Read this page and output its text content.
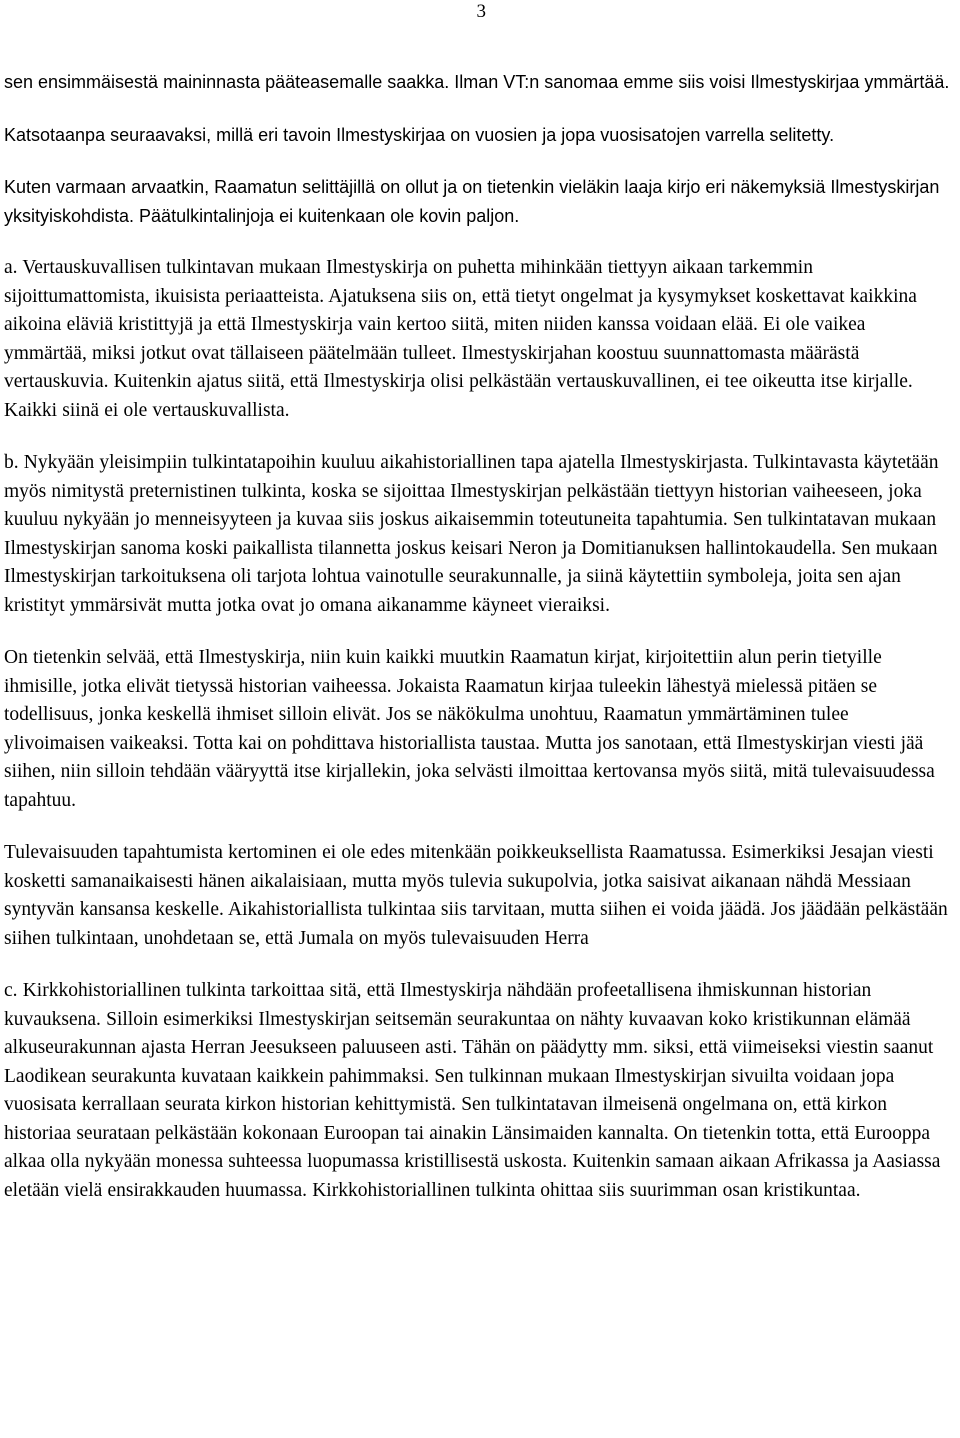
3

sen ensimmäisestä maininnasta pääteasemalle saakka. Ilman VT:n sanomaa emme siis voisi Ilmestyskirjaa ymmärtää.

Katsotaanpa seuraavaksi, millä eri tavoin Ilmestyskirjaa on vuosien ja jopa vuosisatojen varrella selitetty.

Kuten varmaan arvaatkin, Raamatun selittäjillä on ollut ja on tietenkin vieläkin laaja kirjo eri näkemyksiä Ilmestyskirjan yksityiskohdista. Päätulkintalinjoja ei kuitenkaan ole kovin paljon.

a. Vertauskuvallisen tulkintavan mukaan Ilmestyskirja on puhetta mihinkään tiettyyn aikaan tarkemmin sijoittumattomista, ikuisista periaatteista. Ajatuksena siis on, että tietyt ongelmat ja kysymykset koskettavat kaikkina aikoina eläviä kristittyjä ja että Ilmestyskirja vain kertoo siitä, miten niiden kanssa voidaan elää. Ei ole vaikea ymmärtää, miksi jotkut ovat tällaiseen päätelmään tulleet. Ilmestyskirjahan koostuu suunnattomasta määrästä vertauskuvia. Kuitenkin ajatus siitä, että Ilmestyskirja olisi pelkästään vertauskuvallinen, ei tee oikeutta itse kirjalle. Kaikki siinä ei ole vertauskuvallista.

b. Nykyään yleisimpiin tulkintatapoihin kuuluu aikahistoriallinen tapa ajatella Ilmestyskirjasta. Tulkintavasta käytetään myös nimitystä preternistinen tulkinta, koska se sijoittaa Ilmestyskirjan pelkästään tiettyyn historian vaiheeseen, joka kuuluu nykyään jo menneisyyteen ja kuvaa siis joskus aikaisemmin toteutuneita tapahtumia. Sen tulkintatavan mukaan Ilmestyskirjan sanoma koski paikallista tilannetta joskus keisari Neron ja Domitianuksen hallintokaudella. Sen mukaan Ilmestyskirjan tarkoituksena oli tarjota lohtua vainotulle seurakunnalle, ja siinä käytettiin symboleja, joita sen ajan kristityt ymmärsivät mutta jotka ovat jo omana aikanamme käyneet vieraiksi.

On tietenkin selvää, että Ilmestyskirja, niin kuin kaikki muutkin Raamatun kirjat, kirjoitettiin alun perin tietyille ihmisille, jotka elivät tietyssä historian vaiheessa. Jokaista Raamatun kirjaa tuleekin lähestyä mielessä pitäen se todellisuus, jonka keskellä ihmiset silloin elivät. Jos se näkökulma unohtuu, Raamatun ymmärtäminen tulee ylivoimaisen vaikeaksi. Totta kai on pohdittava historiallista taustaa. Mutta jos sanotaan, että Ilmestyskirjan viesti jää siihen, niin silloin tehdään vääryyttä itse kirjallekin, joka selvästi ilmoittaa kertovansa myös siitä, mitä tulevaisuudessa tapahtuu.

Tulevaisuuden tapahtumista kertominen ei ole edes mitenkään poikkeuksellista Raamatussa. Esimerkiksi Jesajan viesti kosketti samanaikaisesti hänen aikalaisiaan, mutta myös tulevia sukupolvia, jotka saisivat aikanaan nähdä Messiaan syntyvän kansansa keskelle. Aikahistoriallista tulkintaa siis tarvitaan, mutta siihen ei voida jäädä. Jos jäädään pelkästään siihen tulkintaan, unohdetaan se, että Jumala on myös tulevaisuuden Herra

c. Kirkkohistoriallinen tulkinta tarkoittaa sitä, että Ilmestyskirja nähdään profeetallisena ihmiskunnan historian kuvauksena. Silloin esimerkiksi Ilmestyskirjan seitsemän seurakuntaa on nähty kuvaavan koko kristikunnan elämää alkuseurakunnan ajasta Herran Jeesukseen paluuseen asti. Tähän on päädytty mm. siksi, että viimeiseksi viestin saanut Laodikean seurakunta kuvataan kaikkein pahimmaksi. Sen tulkinnan mukaan Ilmestyskirjan sivuilta voidaan jopa vuosisata kerrallaan seurata kirkon historian kehittymistä. Sen tulkintatavan ilmeisenä ongelmana on, että kirkon historiaa seurataan pelkästään kokonaan Euroopan tai ainakin Länsimaiden kannalta. On tietenkin totta, että Eurooppa alkaa olla nykyään monessa suhteessa luopumassa kristillisestä uskosta. Kuitenkin samaan aikaan Afrikassa ja Aasiassa eletään vielä ensirakkauden huumassa. Kirkkohistoriallinen tulkinta ohittaa siis suurimman osan kristikuntaa.
